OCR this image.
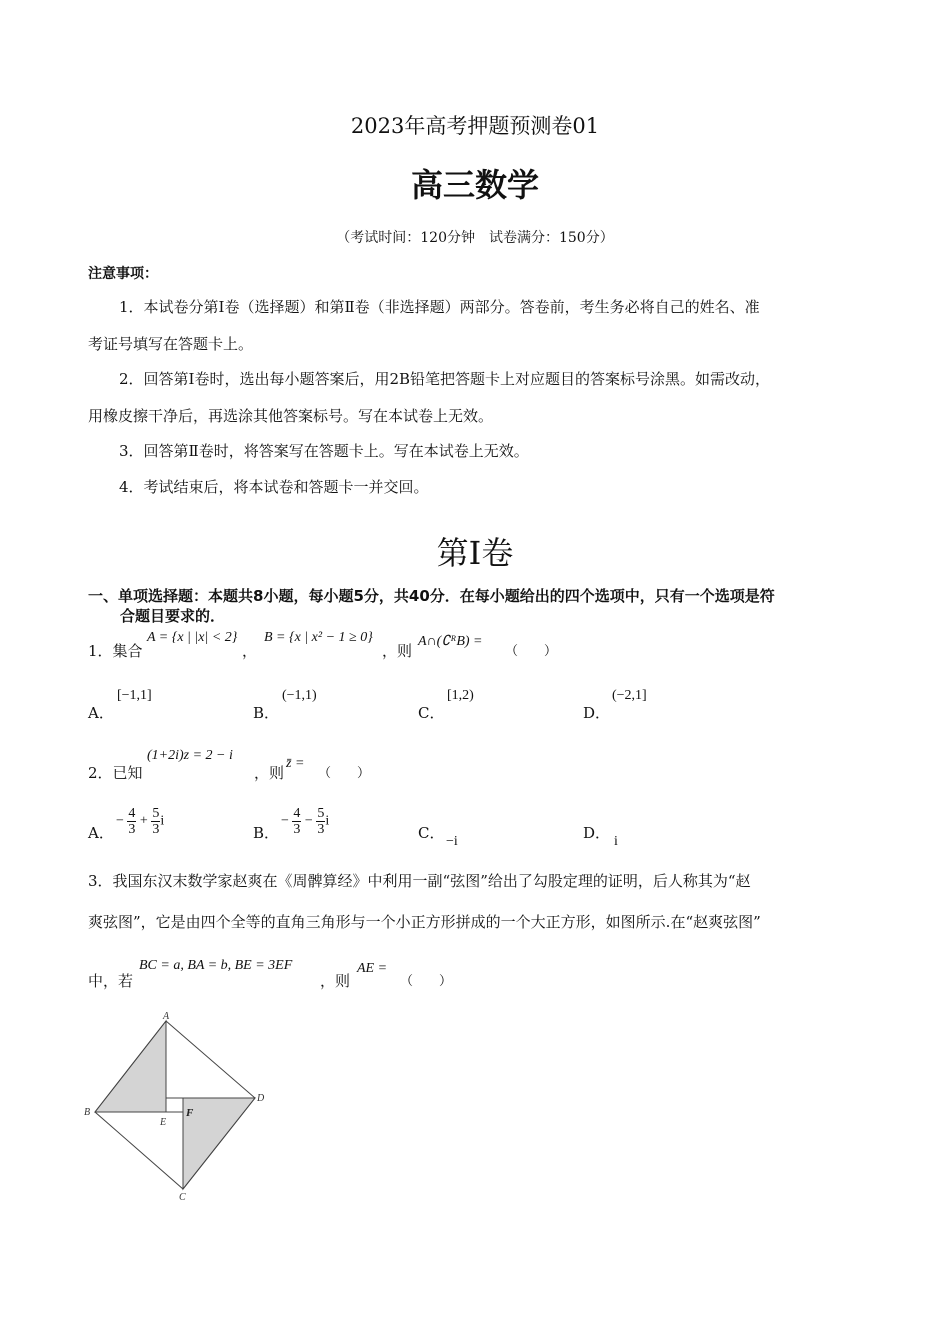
2023年高考押题预测卷01
高三数学
（考试时间：120分钟　试卷满分：150分）
注意事项：
1．本试卷分第Ⅰ卷（选择题）和第Ⅱ卷（非选择题）两部分。答卷前，考生务必将自己的姓名、准
考证号填写在答题卡上。
2．回答第Ⅰ卷时，选出每小题答案后，用2B铅笔把答题卡上对应题目的答案标号涂黑。如需改动，
用橡皮擦干净后，再选涂其他答案标号。写在本试卷上无效。
3．回答第Ⅱ卷时，将答案写在答题卡上。写在本试卷上无效。
4．考试结束后，将本试卷和答题卡一并交回。
第Ⅰ卷
一、单项选择题：本题共8小题，每小题5分，共40分．在每小题给出的四个选项中，只有一个选项是符
合题目要求的．
1．集合
A = {x | |x| < 2}
，
B = {x | x² − 1 ≥ 0}
，则
A∩(∁ᴿB) =
（　　）
A．
[−1,1]
B．
(−1,1)
C．
[1,2)
D．
(−2,1]
2．已知
(1+2i)z = 2 − i
，则
z̄ =
（　　）
A．
− $\frac{4}{3} + \frac{5}{3}$ i
B．
− $\frac{4}{3} - \frac{5}{3}$ i
C． −i	D． i
3．我国东汉末数学家赵爽在《周髀算经》中利用一副“弦图”给出了勾股定理的证明，后人称其为“赵
爽弦图”，它是由四个全等的直角三角形与一个小正方形拼成的一个大正方形，如图所示.在“赵爽弦图”
中，若
BC = a, BA = b, BE = 3EF
，则
AE =
（　　）
A
B
C
D
E
F
